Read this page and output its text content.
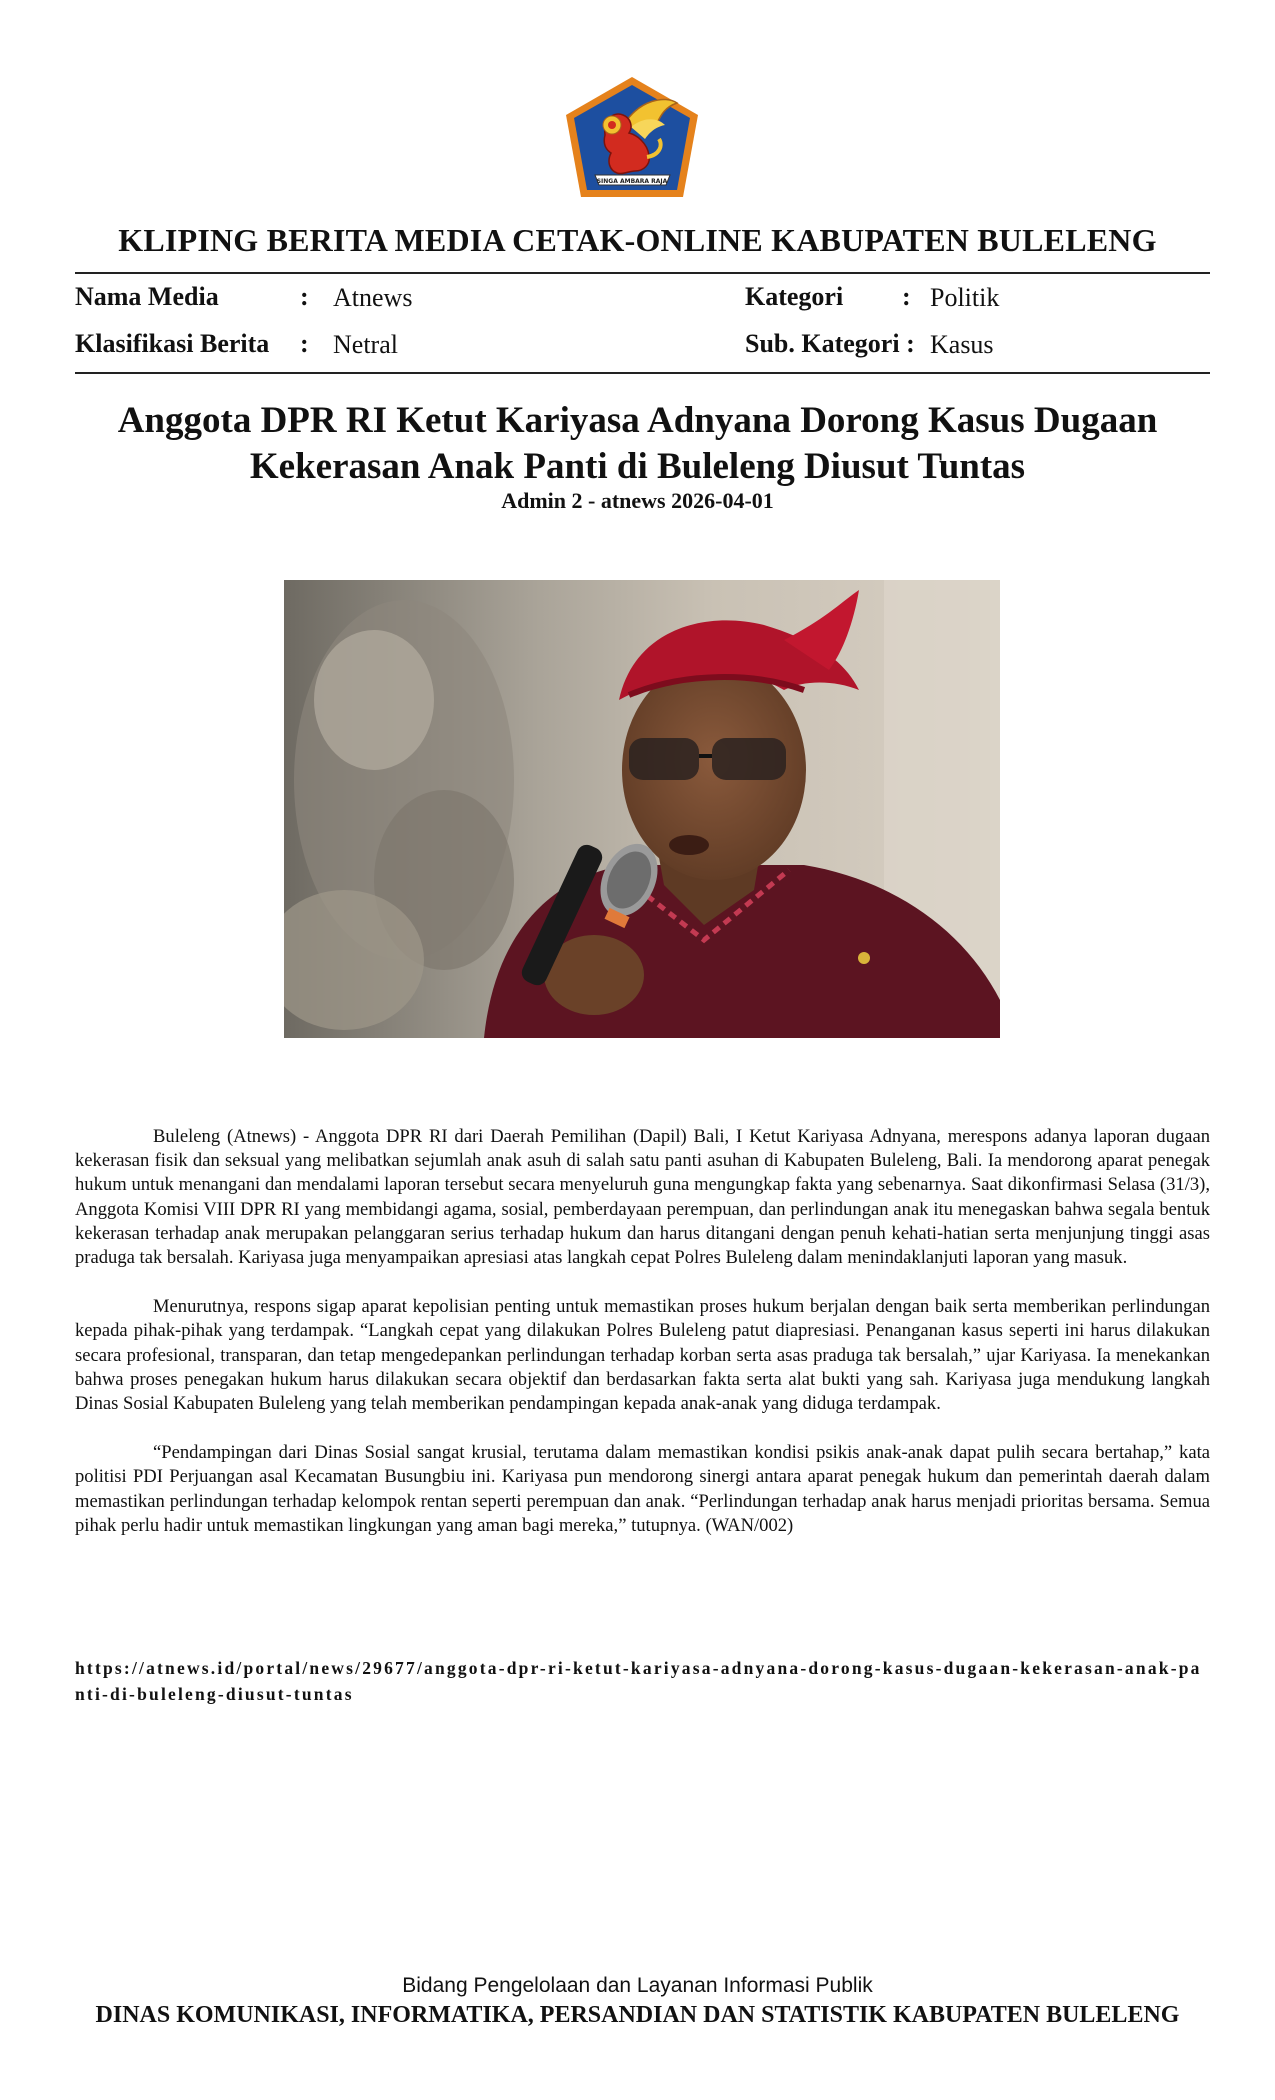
SINGA AMBARA RAJA
KLIPING BERITA MEDIA CETAK-ONLINE KABUPATEN BULELENG
Nama Media	: Atnews
Klasifikasi Berita : Netral
Kategori : Politik
Sub. Kategori : Kasus
Anggota DPR RI Ketut Kariyasa Adnyana Dorong Kasus Dugaan
Kekerasan Anak Panti di Buleleng Diusut Tuntas
Admin 2 - atnews 2026-04-01

Buleleng (Atnews) - Anggota DPR RI dari Daerah Pemilihan (Dapil) Bali, I Ketut Kariyasa Adnyana, merespons adanya laporan dugaan kekerasan fisik dan seksual yang melibatkan sejumlah anak asuh di salah satu panti asuhan di Kabupaten Buleleng, Bali. Ia mendorong aparat penegak hukum untuk menangani dan mendalami laporan tersebut secara menyeluruh guna mengungkap fakta yang sebenarnya. Saat dikonfirmasi Selasa (31/3), Anggota Komisi VIII DPR RI yang membidangi agama, sosial, pemberdayaan perempuan, dan perlindungan anak itu menegaskan bahwa segala bentuk kekerasan terhadap anak merupakan pelanggaran serius terhadap hukum dan harus ditangani dengan penuh kehati-hatian serta menjunjung tinggi asas praduga tak bersalah. Kariyasa juga menyampaikan apresiasi atas langkah cepat Polres Buleleng dalam menindaklanjuti laporan yang masuk.

Menurutnya, respons sigap aparat kepolisian penting untuk memastikan proses hukum berjalan dengan baik serta memberikan perlindungan kepada pihak-pihak yang terdampak. “Langkah cepat yang dilakukan Polres Buleleng patut diapresiasi. Penanganan kasus seperti ini harus dilakukan secara profesional, transparan, dan tetap mengedepankan perlindungan terhadap korban serta asas praduga tak bersalah,” ujar Kariyasa. Ia menekankan bahwa proses penegakan hukum harus dilakukan secara objektif dan berdasarkan fakta serta alat bukti yang sah. Kariyasa juga mendukung langkah Dinas Sosial Kabupaten Buleleng yang telah memberikan pendampingan kepada anak-anak yang diduga terdampak.

“Pendampingan dari Dinas Sosial sangat krusial, terutama dalam memastikan kondisi psikis anak-anak dapat pulih secara bertahap,” kata politisi PDI Perjuangan asal Kecamatan Busungbiu ini. Kariyasa pun mendorong sinergi antara aparat penegak hukum dan pemerintah daerah dalam memastikan perlindungan terhadap kelompok rentan seperti perempuan dan anak. “Perlindungan terhadap anak harus menjadi prioritas bersama. Semua pihak perlu hadir untuk memastikan lingkungan yang aman bagi mereka,” tutupnya. (WAN/002)

https://atnews.id/portal/news/29677/anggota-dpr-ri-ketut-kariyasa-adnyana-dorong-kasus-dugaan-kekerasan-anak-panti-di-buleleng-diusut-tuntas
Bidang Pengelolaan dan Layanan Informasi Publik
DINAS KOMUNIKASI, INFORMATIKA, PERSANDIAN DAN STATISTIK KABUPATEN BULELENG
